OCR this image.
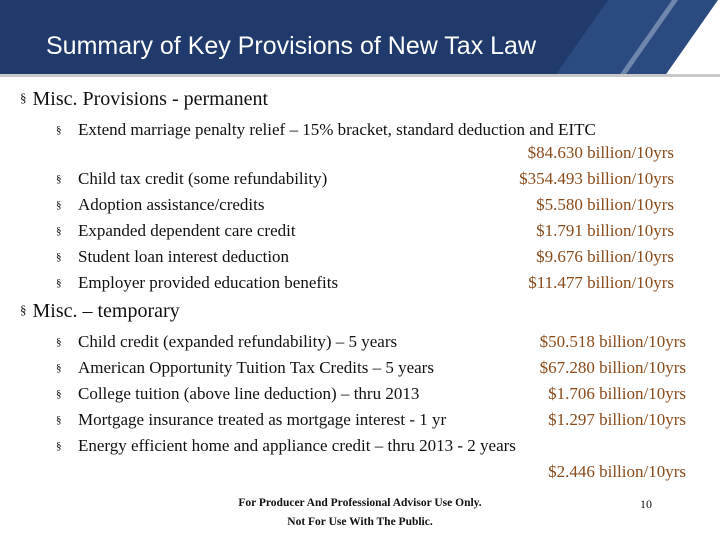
Summary of Key Provisions of New Tax Law
§ Misc. Provisions - permanent
§ Extend marriage penalty relief – 15% bracket, standard deduction and EITC
$84.630 billion/10yrs
§ Child tax credit (some refundability)	$354.493 billion/10yrs
§ Adoption assistance/credits	$5.580 billion/10yrs
§ Expanded dependent care credit	$1.791 billion/10yrs
§ Student loan interest deduction	$9.676 billion/10yrs
§ Employer provided education benefits	$11.477 billion/10yrs
§ Misc. – temporary
§ Child credit (expanded refundability) – 5 years	$50.518 billion/10yrs
§ American Opportunity Tuition Tax Credits – 5 years	$67.280 billion/10yrs
§ College tuition (above line deduction) – thru 2013	$1.706 billion/10yrs
§ Mortgage insurance treated as mortgage interest - 1 yr	$1.297 billion/10yrs
§ Energy efficient home and appliance credit – thru 2013 - 2 years
$2.446 billion/10yrs
For Producer And Professional Advisor Use Only.
Not For Use With The Public.
10
